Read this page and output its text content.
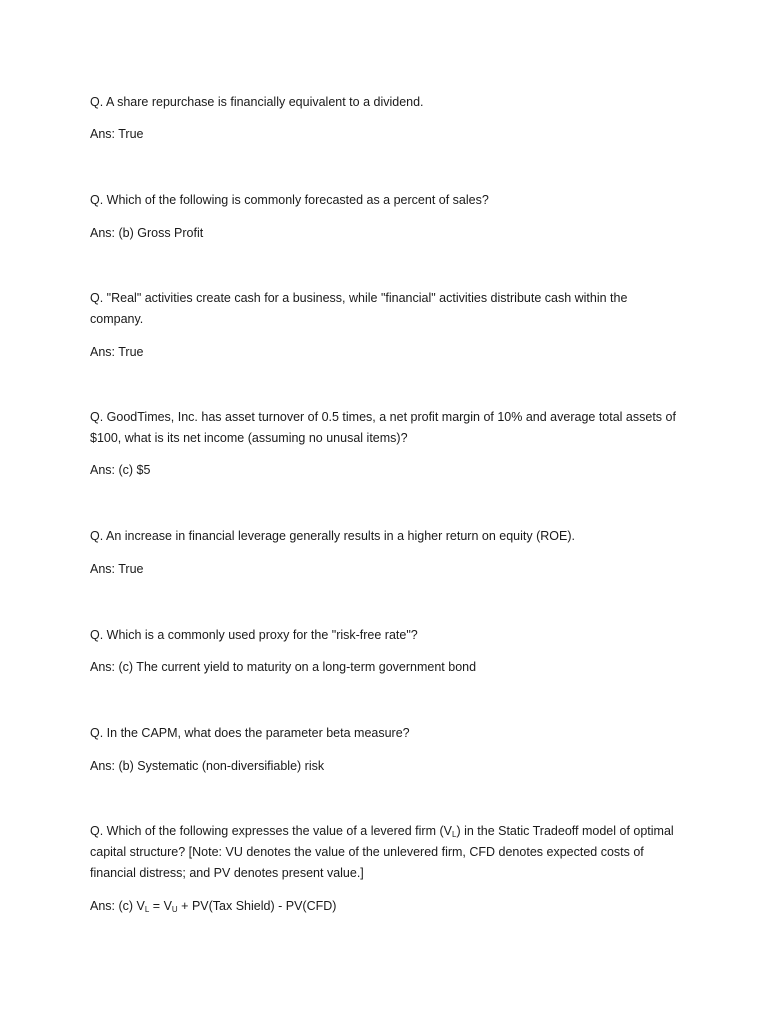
Q. A share repurchase is financially equivalent to a dividend.
Ans: True
Q. Which of the following is commonly forecasted as a percent of sales?
Ans: (b) Gross Profit
Q. "Real" activities create cash for a business, while "financial" activities distribute cash within the company.
Ans: True
Q. GoodTimes, Inc. has asset turnover of 0.5 times, a net profit margin of 10% and average total assets of $100, what is its net income (assuming no unusal items)?
Ans: (c) $5
Q. An increase in financial leverage generally results in a higher return on equity (ROE).
Ans: True
Q. Which is a commonly used proxy for the "risk-free rate"?
Ans: (c) The current yield to maturity on a long-term government bond
Q. In the CAPM, what does the parameter beta measure?
Ans: (b) Systematic (non-diversifiable) risk
Q. Which of the following expresses the value of a levered firm $(V_L)$ in the Static Tradeoff model of optimal capital structure? [Note: VU denotes the value of the unlevered firm, CFD denotes expected costs of financial distress; and PV denotes present value.]
Ans: (c) $V_L = V_U + PV(Tax$ Shield) - PV(CFD)
